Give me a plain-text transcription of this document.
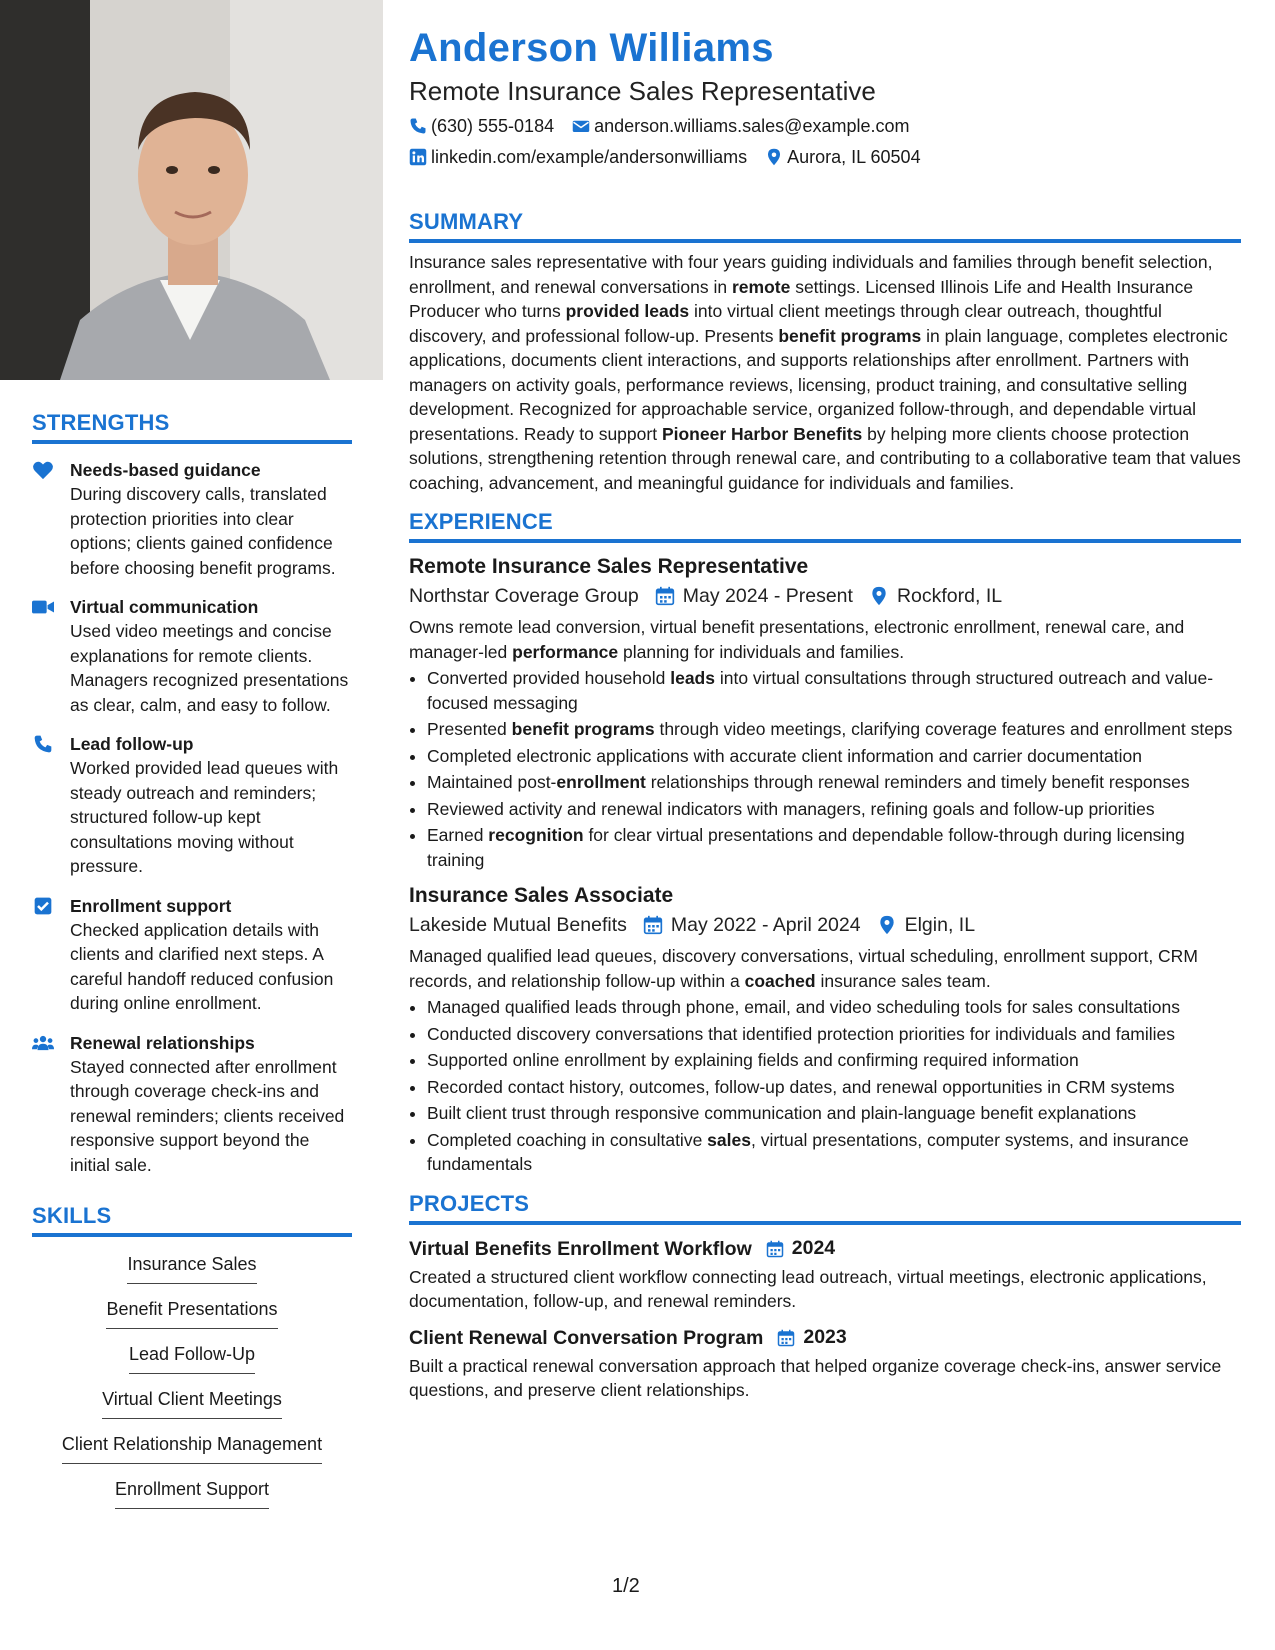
STRENGTHS
Needs-based guidance
During discovery calls, translated protection priorities into clear options; clients gained confidence before choosing benefit programs.
Virtual communication
Used video meetings and concise explanations for remote clients. Managers recognized presentations as clear, calm, and easy to follow.
Lead follow-up
Worked provided lead queues with steady outreach and reminders; structured follow-up kept consultations moving without pressure.
Enrollment support
Checked application details with clients and clarified next steps. A careful handoff reduced confusion during online enrollment.
Renewal relationships
Stayed connected after enrollment through coverage check-ins and renewal reminders; clients received responsive support beyond the initial sale.
SKILLS
Insurance Sales
Benefit Presentations
Lead Follow-Up
Virtual Client Meetings
Client Relationship Management
Enrollment Support
Anderson Williams
Remote Insurance Sales Representative
(630) 555-0184 anderson.williams.sales@example.com
linkedin.com/example/andersonwilliams Aurora, IL 60504
SUMMARY
Insurance sales representative with four years guiding individuals and families through benefit selection, enrollment, and renewal conversations in remote settings. Licensed Illinois Life and Health Insurance Producer who turns provided leads into virtual client meetings through clear outreach, thoughtful discovery, and professional follow-up. Presents benefit programs in plain language, completes electronic applications, documents client interactions, and supports relationships after enrollment. Partners with managers on activity goals, performance reviews, licensing, product training, and consultative selling development. Recognized for approachable service, organized follow-through, and dependable virtual presentations. Ready to support Pioneer Harbor Benefits by helping more clients choose protection solutions, strengthening retention through renewal care, and contributing to a collaborative team that values coaching, advancement, and meaningful guidance for individuals and families.
EXPERIENCE
Remote Insurance Sales Representative
Northstar Coverage Group May 2024 - Present Rockford, IL
Owns remote lead conversion, virtual benefit presentations, electronic enrollment, renewal care, and manager-led performance planning for individuals and families.
• Converted provided household leads into virtual consultations through structured outreach and value-focused messaging
• Presented benefit programs through video meetings, clarifying coverage features and enrollment steps
• Completed electronic applications with accurate client information and carrier documentation
• Maintained post-enrollment relationships through renewal reminders and timely benefit responses
• Reviewed activity and renewal indicators with managers, refining goals and follow-up priorities
• Earned recognition for clear virtual presentations and dependable follow-through during licensing training
Insurance Sales Associate
Lakeside Mutual Benefits May 2022 - April 2024 Elgin, IL
Managed qualified lead queues, discovery conversations, virtual scheduling, enrollment support, CRM records, and relationship follow-up within a coached insurance sales team.
• Managed qualified leads through phone, email, and video scheduling tools for sales consultations
• Conducted discovery conversations that identified protection priorities for individuals and families
• Supported online enrollment by explaining fields and confirming required information
• Recorded contact history, outcomes, follow-up dates, and renewal opportunities in CRM systems
• Built client trust through responsive communication and plain-language benefit explanations
• Completed coaching in consultative sales, virtual presentations, computer systems, and insurance fundamentals
PROJECTS
Virtual Benefits Enrollment Workflow 2024
Created a structured client workflow connecting lead outreach, virtual meetings, electronic applications, documentation, follow-up, and renewal reminders.
Client Renewal Conversation Program 2023
Built a practical renewal conversation approach that helped organize coverage check-ins, answer service questions, and preserve client relationships.
1/2
